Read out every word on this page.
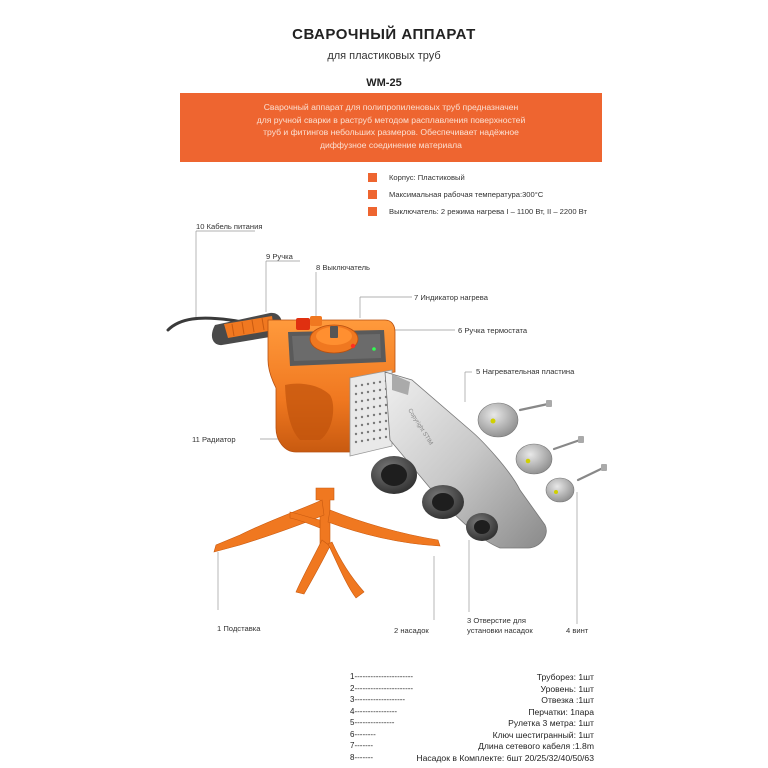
СВАРОЧНЫЙ АППАРАТ
для пластиковых труб
WM-25
Сварочный аппарат для полипропиленовых труб предназначен
для ручной сварки в раструб методом расплавления поверхностей
труб и фитингов небольших размеров. Обеспечивает надёжное
диффузное соединение материала
Корпус: Пластиковый
Максимальная рабочая температура:300°C
Выключатель: 2 режима нагрева I – 1100 Вт, II – 2200 Вт
Copyright STIM
10 Кабель питания
9 Ручка
8 Выключатель
7 Индикатор нагрева
6 Ручка термостата
5 Нагревательная пластина
11 Радиатор
1 Подставка	2 насадок
3 Отверстие для установки насадок	4 винт
1----------------------	Труборез: 1шт
2----------------------	Уровень: 1шт
3-------------------	Отвезка :1шт
4----------------	Перчатки: 1пара
5---------------	Рулетка 3 метра: 1шт
6--------	Ключ шестигранный: 1шт
7-------	Длина сетевого кабеля :1.8m
8-------	Насадок в Комплекте: 6шт 20/25/32/40/50/63
